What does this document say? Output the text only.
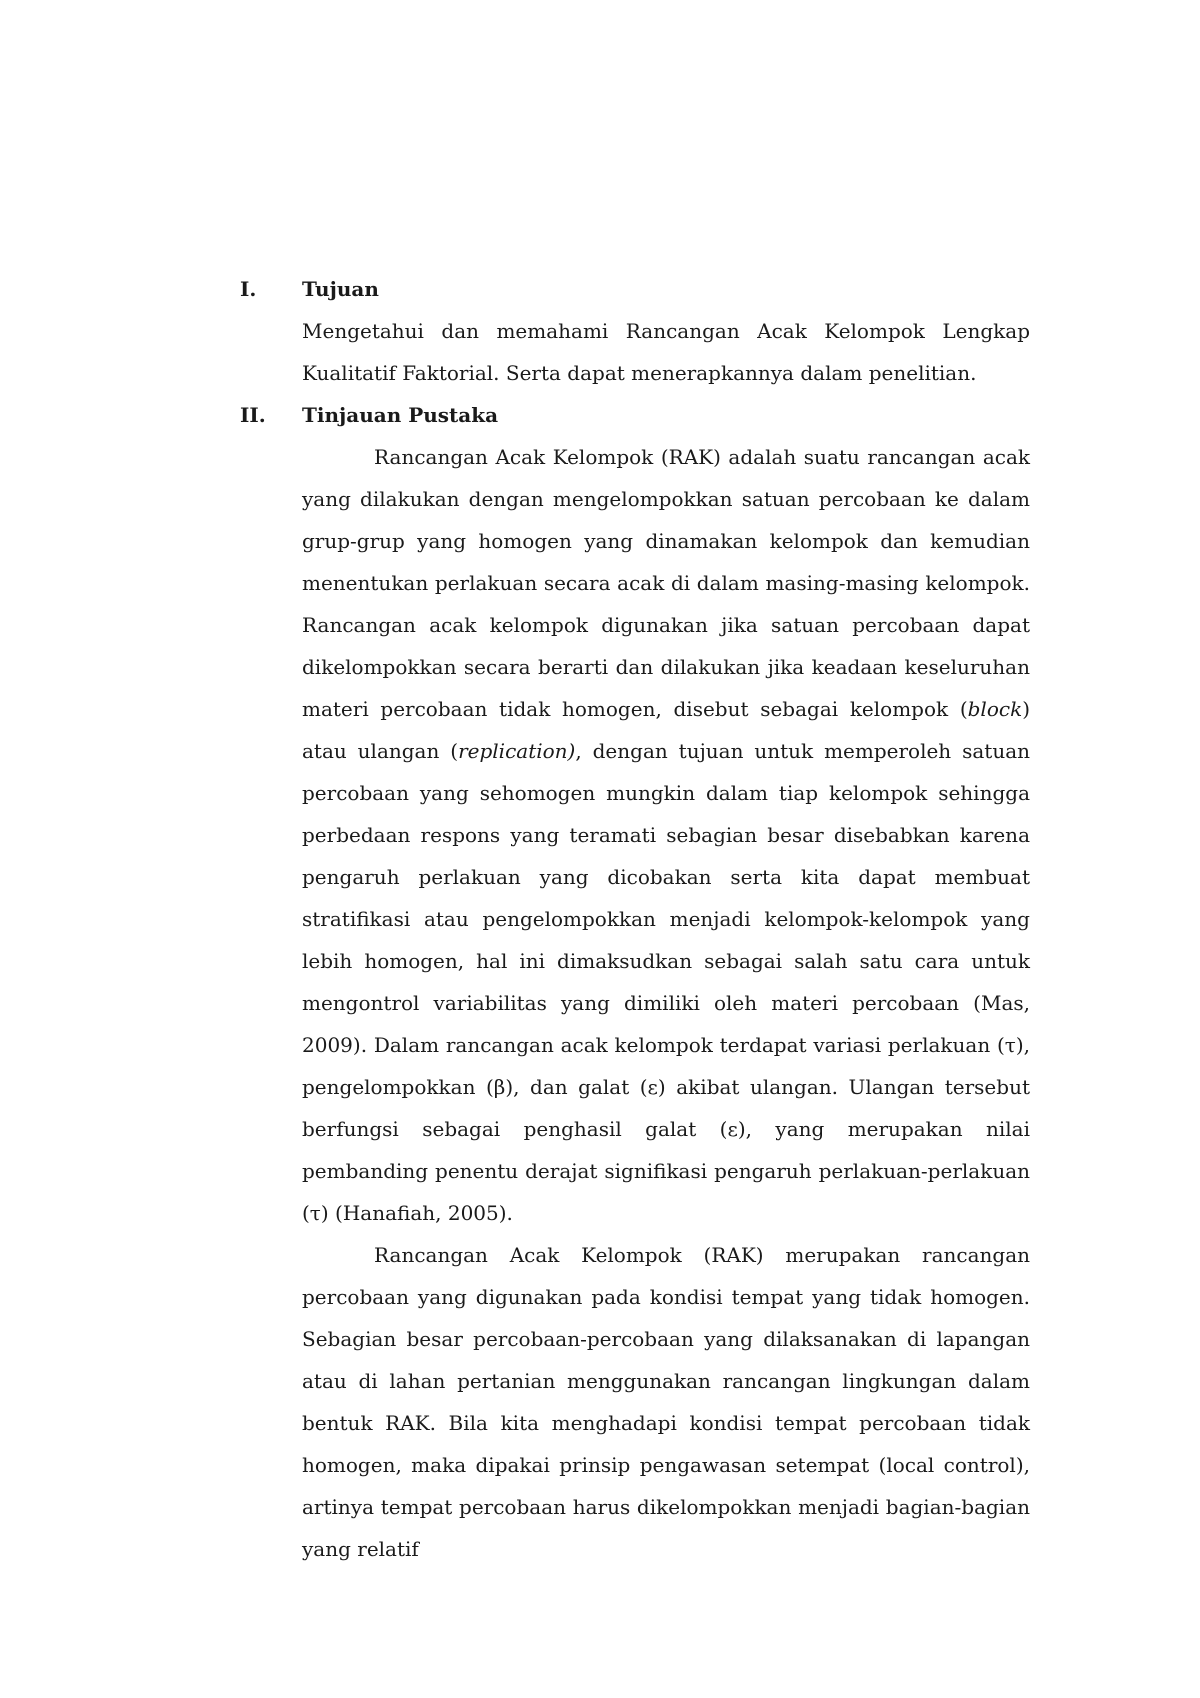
I. Tujuan

Mengetahui dan memahami Rancangan Acak Kelompok Lengkap Kualitatif Faktorial. Serta dapat menerapkannya dalam penelitian.

II. Tinjauan Pustaka

Rancangan Acak Kelompok (RAK) adalah suatu rancangan acak yang dilakukan dengan mengelompokkan satuan percobaan ke dalam grup-grup yang homogen yang dinamakan kelompok dan kemudian menentukan perlakuan secara acak di dalam masing-masing kelompok. Rancangan acak kelompok digunakan jika satuan percobaan dapat dikelompokkan secara berarti dan dilakukan jika keadaan keseluruhan materi percobaan tidak homogen, disebut sebagai kelompok (block) atau ulangan (replication), dengan tujuan untuk memperoleh satuan percobaan yang sehomogen mungkin dalam tiap kelompok sehingga perbedaan respons yang teramati sebagian besar disebabkan karena pengaruh perlakuan yang dicobakan serta kita dapat membuat stratifikasi atau pengelompokkan menjadi kelompok-kelompok yang lebih homogen, hal ini dimaksudkan sebagai salah satu cara untuk mengontrol variabilitas yang dimiliki oleh materi percobaan (Mas, 2009). Dalam rancangan acak kelompok terdapat variasi perlakuan (τ), pengelompokkan (β), dan galat (ε) akibat ulangan. Ulangan tersebut berfungsi sebagai penghasil galat (ε), yang merupakan nilai pembanding penentu derajat signifikasi pengaruh perlakuan-perlakuan (τ) (Hanafiah, 2005).

Rancangan Acak Kelompok (RAK) merupakan rancangan percobaan yang digunakan pada kondisi tempat yang tidak homogen. Sebagian besar percobaan-percobaan yang dilaksanakan di lapangan atau di lahan pertanian menggunakan rancangan lingkungan dalam bentuk RAK. Bila kita menghadapi kondisi tempat percobaan tidak homogen, maka dipakai prinsip pengawasan setempat (local control), artinya tempat percobaan harus dikelompokkan menjadi bagian-bagian yang relatif
